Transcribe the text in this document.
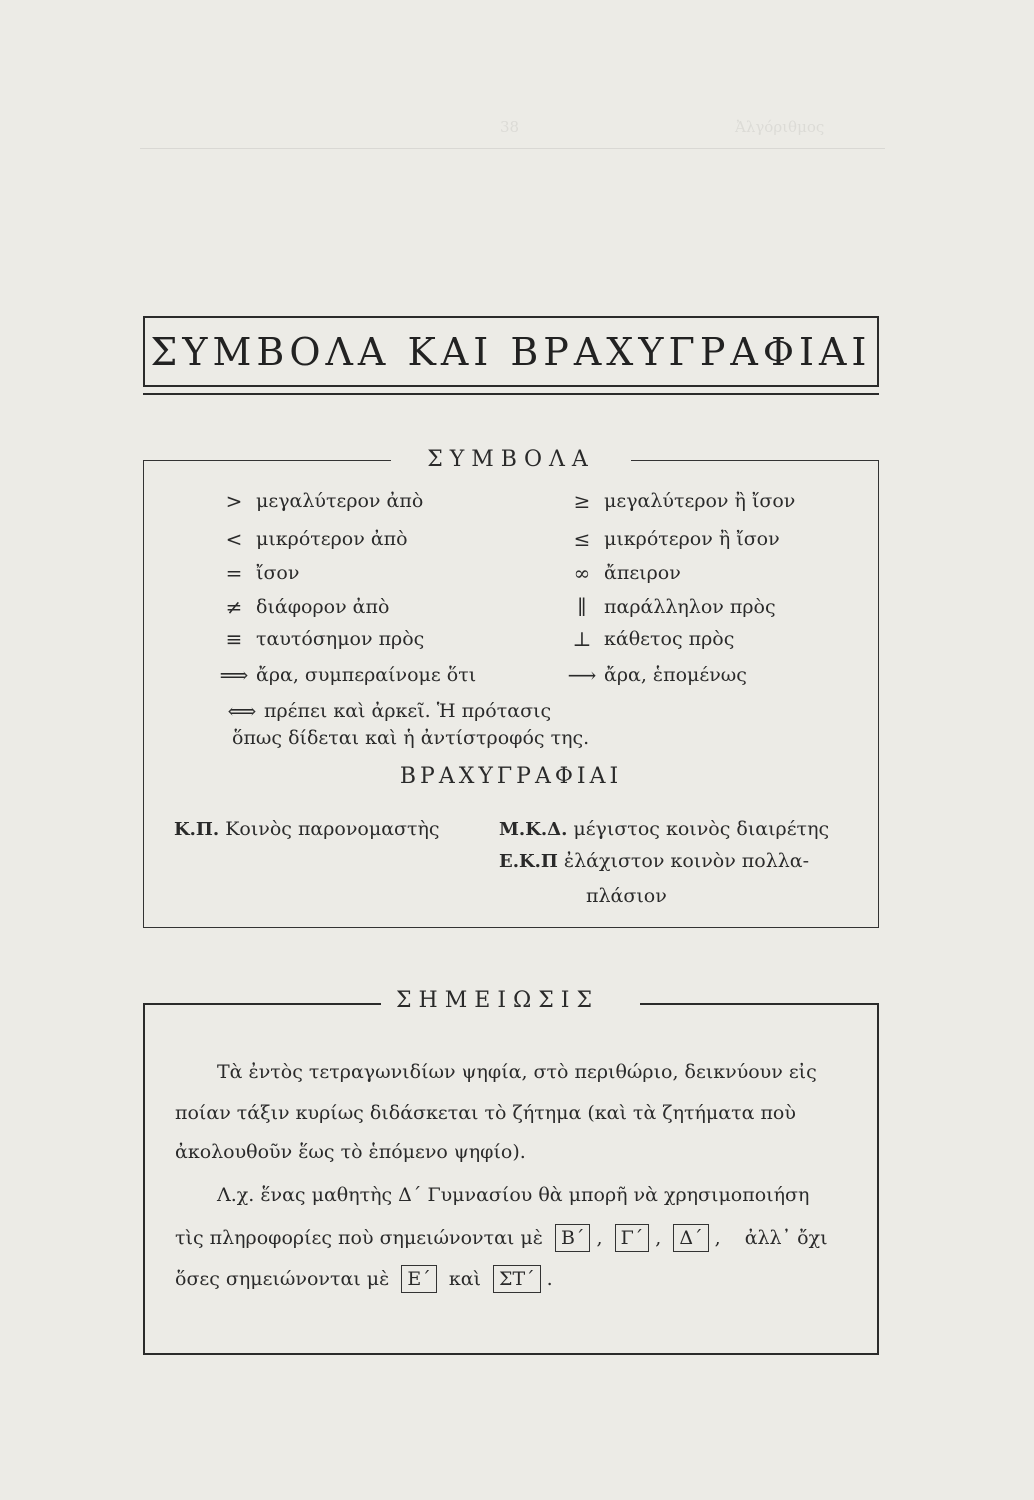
38	Ἀλγόριθμος
ΣΥΜΒΟΛΑ ΚΑΙ ΒΡΑΧΥΓΡΑΦΙΑΙ
ΣΥΜΒΟΛΑ
> μεγαλύτερον ἀπὸ
< μικρότερον ἀπὸ
= ἴσον
≠ διάφορον ἀπὸ
≡ ταυτόσημον πρὸς
⟹ ἄρα, συμπεραίνομε ὅτι
≥ μεγαλύτερον ἢ ἴσον
≤ μικρότερον ἢ ἴσον
∞ ἄπειρον
∥ παράλληλον πρὸς
⊥ κάθετος πρὸς
⟶ ἄρα, ἑπομένως
⟺ πρέπει καὶ ἀρκεῖ. Ἡ πρότασις
ὅπως δίδεται καὶ ἡ ἀντίστροφός της.
ΒΡΑΧΥΓΡΑΦΙΑΙ
Κ.Π. Κοινὸς παρονομαστὴς	Μ.Κ.Δ. μέγιστος κοινὸς διαιρέτης
Ε.Κ.Π ἐλάχιστον κοινὸν πολλα-
πλάσιον
ΣΗΜΕΙΩΣΙΣ
Τὰ ἐντὸς τετραγωνιδίων ψηφία, στὸ περιθώριο, δεικνύουν εἰς
ποίαν τάξιν κυρίως διδάσκεται τὸ ζήτημα (καὶ τὰ ζητήματα ποὺ
ἀκολουθοῦν ἕως τὸ ἑπόμενο ψηφίο).
Λ.χ. ἕνας μαθητὴς Δ΄ Γυμνασίου θὰ μπορῆ νὰ χρησιμοποιήση
τὶς πληροφορίες ποὺ σημειώνονται μὲ Β΄ , Γ΄ , Δ΄ , ἀλλ᾽ ὄχι
ὅσες σημειώνονται μὲ Ε΄ καὶ ΣΤ΄ .
